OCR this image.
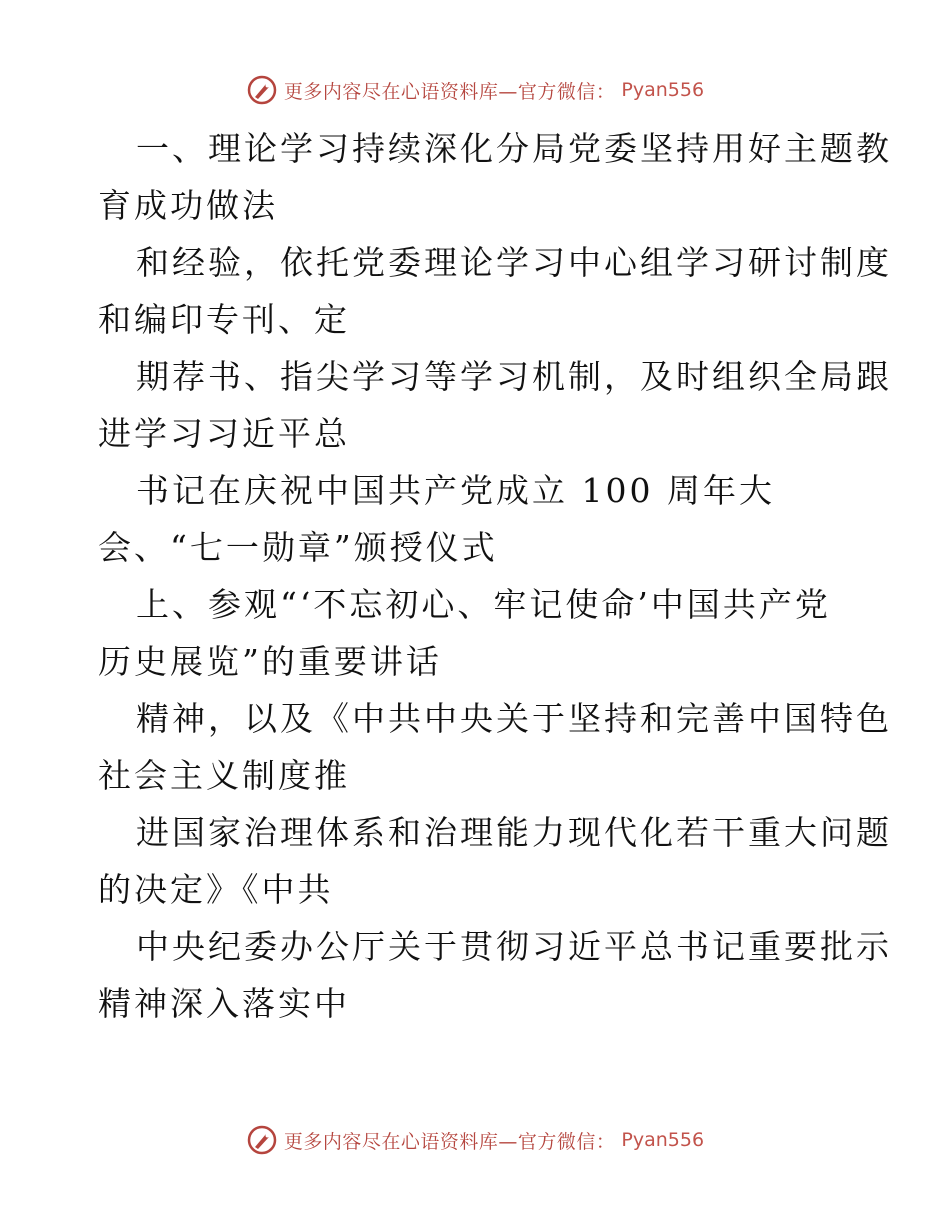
更多内容尽在心语资料库—官方微信： Pyan556
一、理论学习持续深化分局党委坚持用好主题教
育成功做法
和经验，依托党委理论学习中心组学习研讨制度
和编印专刊、定
期荐书、指尖学习等学习机制，及时组织全局跟
进学习习近平总
书记在庆祝中国共产党成立 100 周年大
会、“七一勋章”颁授仪式
上、参观“‘不忘初心、牢记使命’中国共产党
历史展览”的重要讲话
精神，以及《中共中央关于坚持和完善中国特色
社会主义制度推
进国家治理体系和治理能力现代化若干重大问题
的决定》《中共
中央纪委办公厅关于贯彻习近平总书记重要批示
精神深入落实中
更多内容尽在心语资料库—官方微信： Pyan556
